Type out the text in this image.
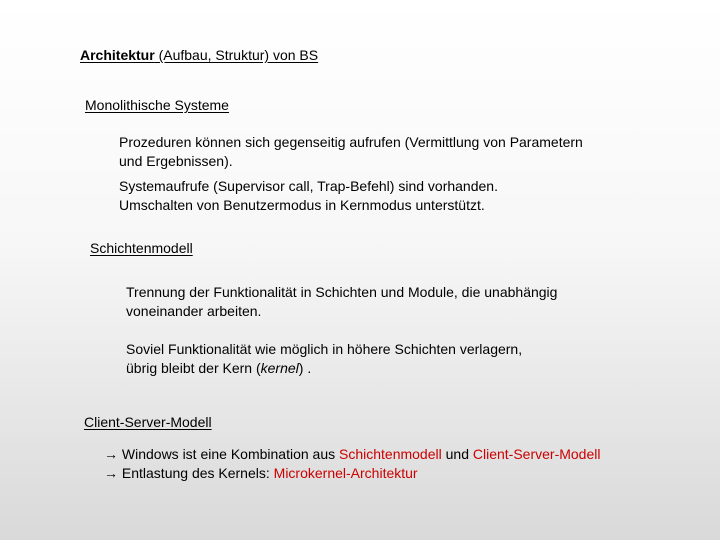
Architektur (Aufbau, Struktur) von BS
Monolithische Systeme
Prozeduren können sich gegenseitig aufrufen (Vermittlung von Parametern
und Ergebnissen).
Systemaufrufe (Supervisor call, Trap-Befehl) sind vorhanden.
Umschalten von Benutzermodus in Kernmodus unterstützt.
Schichtenmodell
Trennung der Funktionalität in Schichten und Module, die unabhängig
voneinander arbeiten.
Soviel Funktionalität wie möglich in höhere Schichten verlagern,
übrig bleibt der Kern (kernel) .
Client-Server-Modell
→ Windows ist eine Kombination aus Schichtenmodell und Client-Server-Modell
→ Entlastung des Kernels: Microkernel-Architektur
